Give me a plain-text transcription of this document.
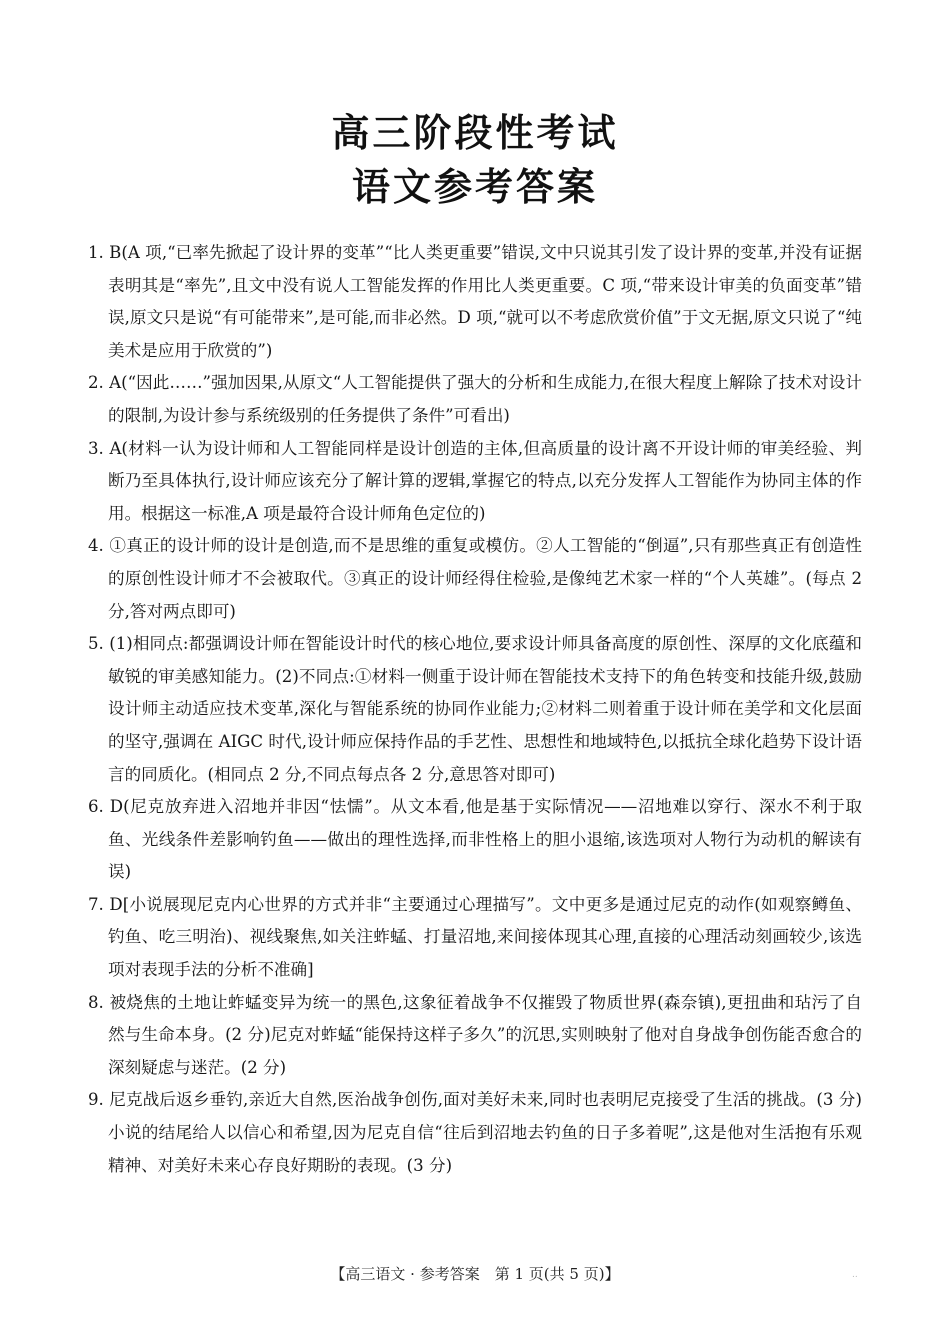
高三阶段性考试
语文参考答案
1. B(A 项,“已率先掀起了设计界的变革”“比人类更重要”错误,文中只说其引发了设计界的变革,并没有证据表明其是“率先”,且文中没有说人工智能发挥的作用比人类更重要。C 项,“带来设计审美的负面变革”错误,原文只是说“有可能带来”,是可能,而非必然。D 项,“就可以不考虑欣赏价值”于文无据,原文只说了“纯美术是应用于欣赏的”)
2. A(“因此……”强加因果,从原文“人工智能提供了强大的分析和生成能力,在很大程度上解除了技术对设计的限制,为设计参与系统级别的任务提供了条件”可看出)
3. A(材料一认为设计师和人工智能同样是设计创造的主体,但高质量的设计离不开设计师的审美经验、判断乃至具体执行,设计师应该充分了解计算的逻辑,掌握它的特点,以充分发挥人工智能作为协同主体的作用。根据这一标准,A 项是最符合设计师角色定位的)
4. ①真正的设计师的设计是创造,而不是思维的重复或模仿。②人工智能的“倒逼”,只有那些真正有创造性的原创性设计师才不会被取代。③真正的设计师经得住检验,是像纯艺术家一样的“个人英雄”。(每点 2 分,答对两点即可)
5. (1)相同点:都强调设计师在智能设计时代的核心地位,要求设计师具备高度的原创性、深厚的文化底蕴和敏锐的审美感知能力。(2)不同点:①材料一侧重于设计师在智能技术支持下的角色转变和技能升级,鼓励设计师主动适应技术变革,深化与智能系统的协同作业能力;②材料二则着重于设计师在美学和文化层面的坚守,强调在 AIGC 时代,设计师应保持作品的手艺性、思想性和地域特色,以抵抗全球化趋势下设计语言的同质化。(相同点 2 分,不同点每点各 2 分,意思答对即可)
6. D(尼克放弃进入沼地并非因“怯懦”。从文本看,他是基于实际情况——沼地难以穿行、深水不利于取鱼、光线条件差影响钓鱼——做出的理性选择,而非性格上的胆小退缩,该选项对人物行为动机的解读有误)
7. D[小说展现尼克内心世界的方式并非“主要通过心理描写”。文中更多是通过尼克的动作(如观察鳟鱼、钓鱼、吃三明治)、视线聚焦,如关注蚱蜢、打量沼地,来间接体现其心理,直接的心理活动刻画较少,该选项对表现手法的分析不准确]
8. 被烧焦的土地让蚱蜢变异为统一的黑色,这象征着战争不仅摧毁了物质世界(森奈镇),更扭曲和玷污了自然与生命本身。(2 分)尼克对蚱蜢“能保持这样子多久”的沉思,实则映射了他对自身战争创伤能否愈合的深刻疑虑与迷茫。(2 分)
9. 尼克战后返乡垂钓,亲近大自然,医治战争创伤,面对美好未来,同时也表明尼克接受了生活的挑战。(3 分)小说的结尾给人以信心和希望,因为尼克自信“往后到沼地去钓鱼的日子多着呢”,这是他对生活抱有乐观精神、对美好未来心存良好期盼的表现。(3 分)
【高三语文 · 参考答案　第 1 页(共 5 页)】	..
